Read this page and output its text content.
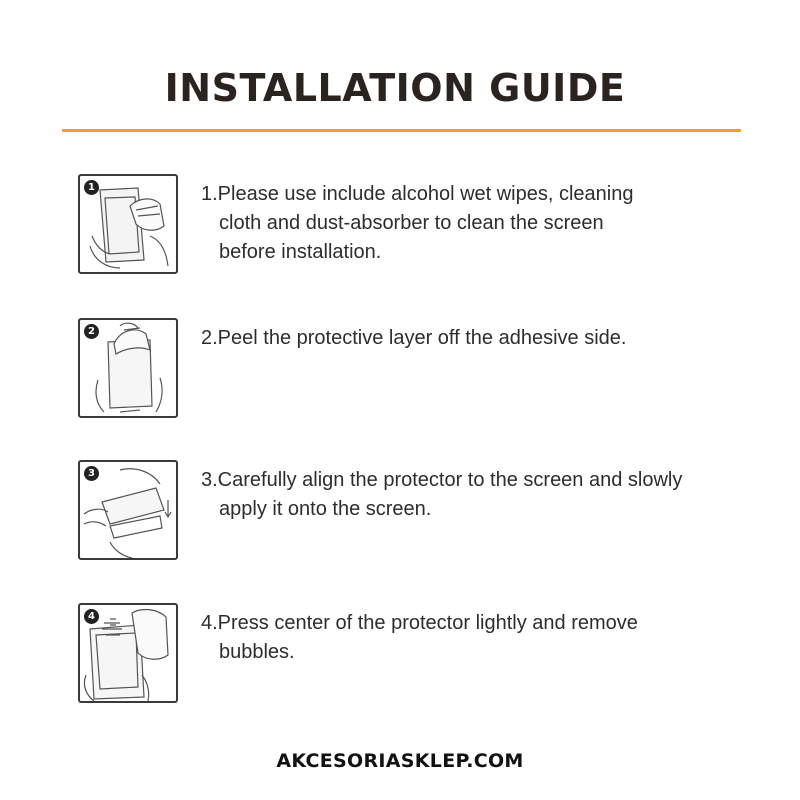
INSTALLATION GUIDE
1	1.Please use include alcohol wet wipes, cleaning
cloth and dust-absorber to clean the screen
before installation.
2	2.Peel the protective layer off the adhesive side.
3	3.Carefully align the protector to the screen and slowly
apply it onto the screen.
4	4.Press center of the protector lightly and remove
bubbles.
AKCESORIASKLEP.COM
